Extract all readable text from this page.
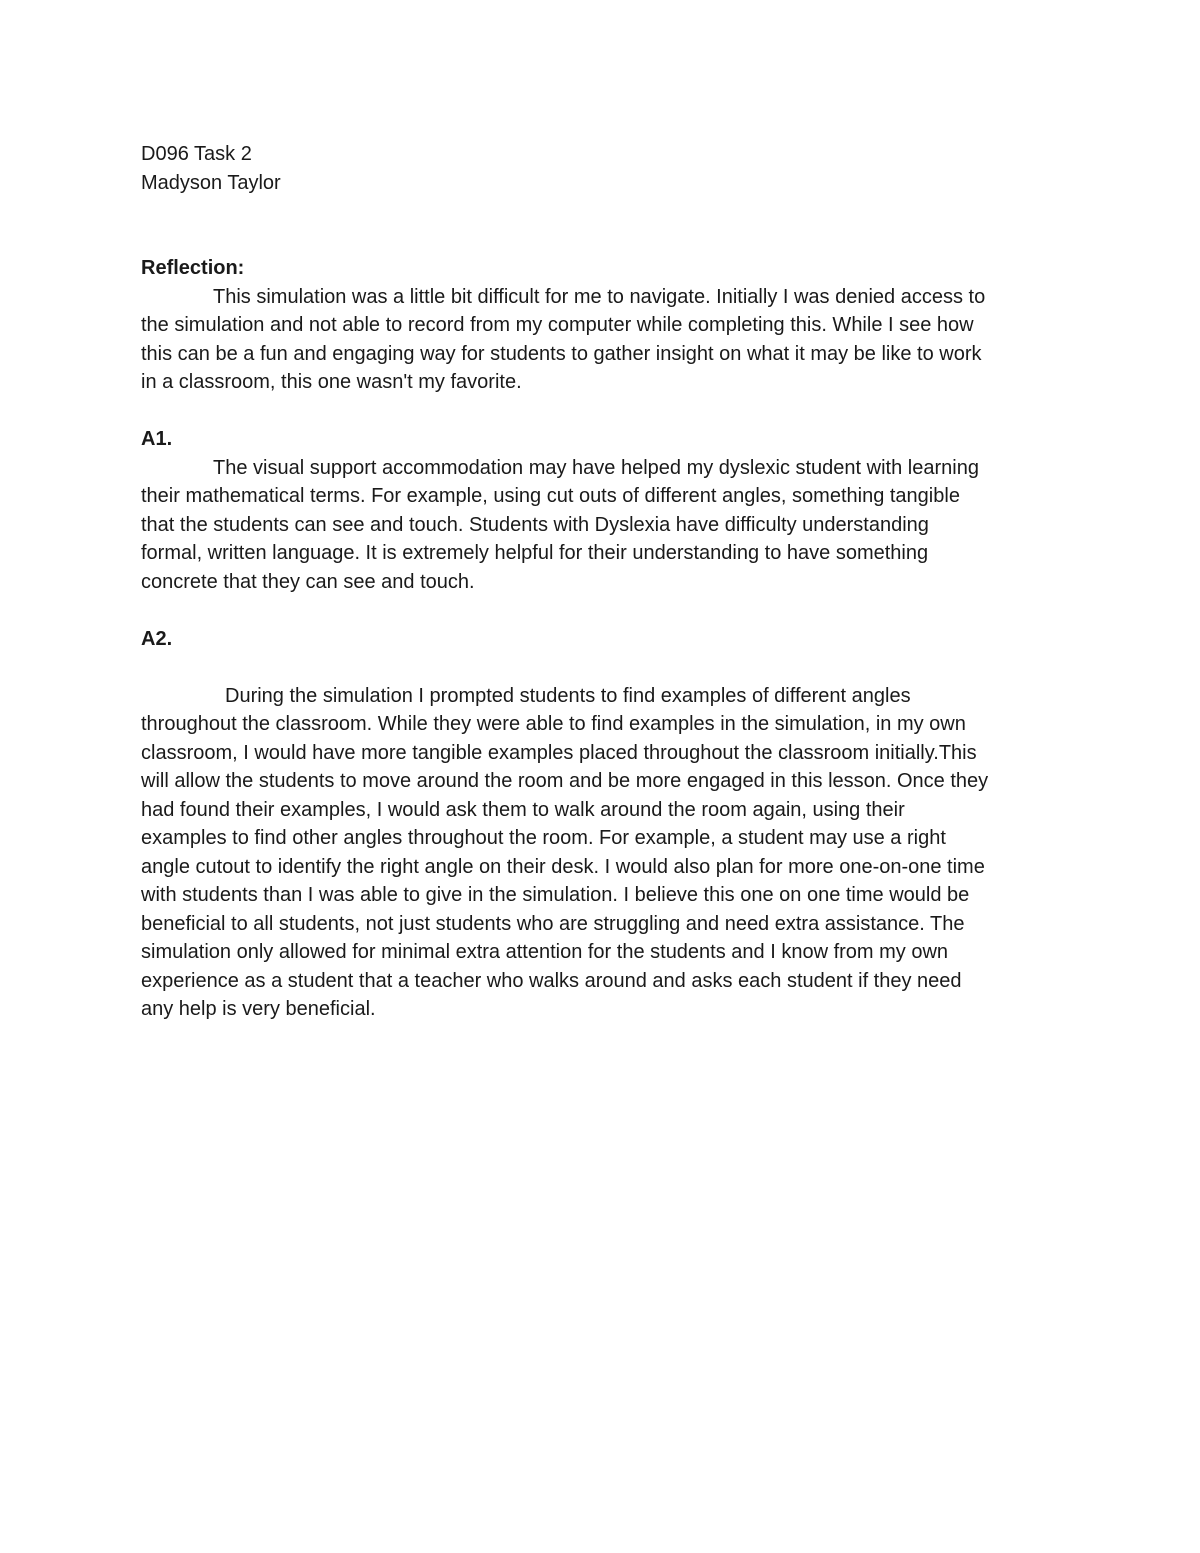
D096 Task 2

Madyson Taylor

Reflection:

This simulation was a little bit difficult for me to navigate. Initially I was denied access to
the simulation and not able to record from my computer while completing this. While I see how
this can be a fun and engaging way for students to gather insight on what it may be like to work
in a classroom, this one wasn't my favorite.

A1.

The visual support accommodation may have helped my dyslexic student with learning
their mathematical terms. For example, using cut outs of different angles, something tangible
that the students can see and touch. Students with Dyslexia have difficulty understanding
formal, written language. It is extremely helpful for their understanding to have something
concrete that they can see and touch.

A2.

During the simulation I prompted students to find examples of different angles
throughout the classroom. While they were able to find examples in the simulation, in my own
classroom, I would have more tangible examples placed throughout the classroom initially.This
will allow the students to move around the room and be more engaged in this lesson. Once they
had found their examples, I would ask them to walk around the room again, using their
examples to find other angles throughout the room. For example, a student may use a right
angle cutout to identify the right angle on their desk. I would also plan for more one-on-one time
with students than I was able to give in the simulation. I believe this one on one time would be
beneficial to all students, not just students who are struggling and need extra assistance. The
simulation only allowed for minimal extra attention for the students and I know from my own
experience as a student that a teacher who walks around and asks each student if they need
any help is very beneficial.
